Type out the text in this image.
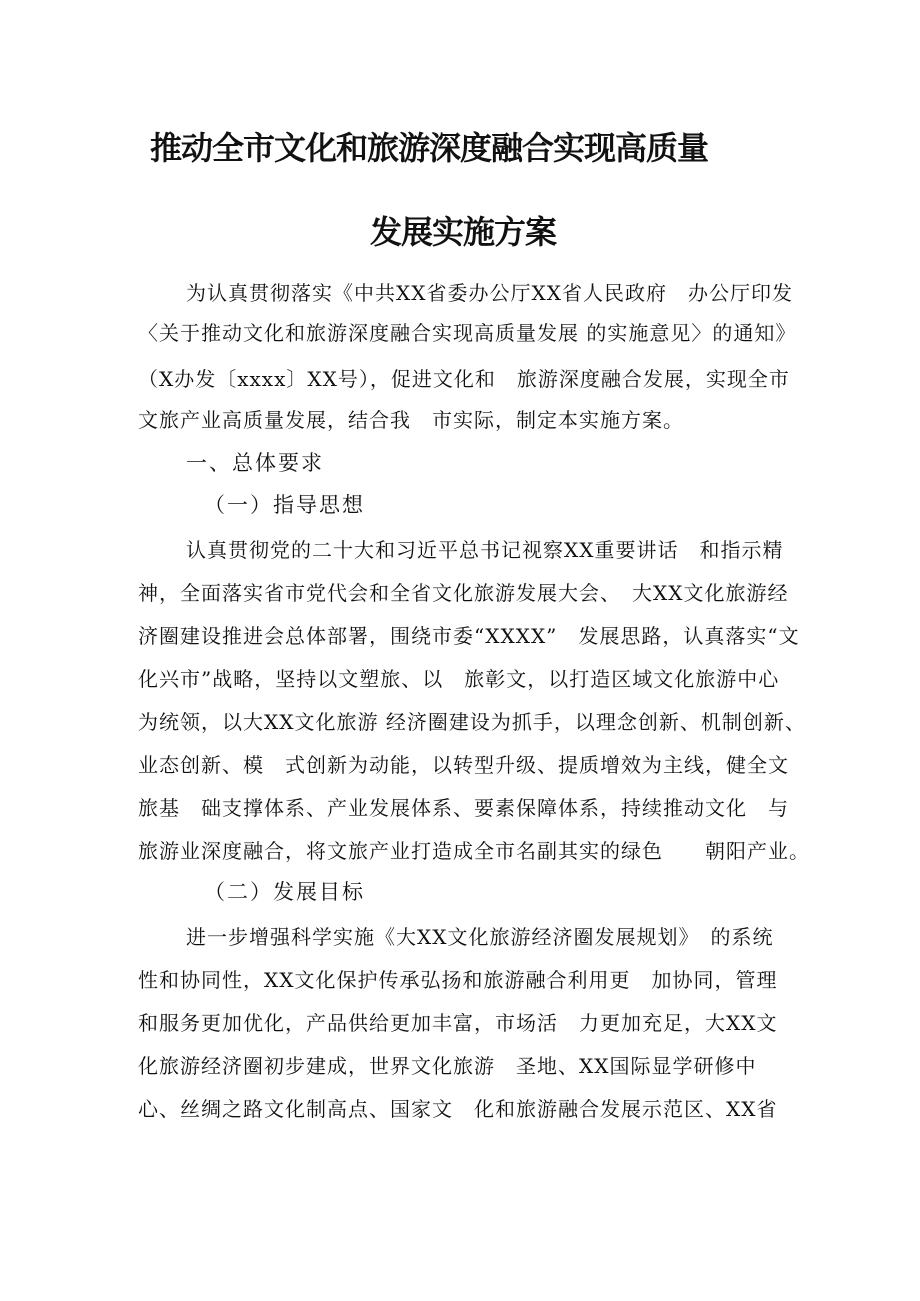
推动全市文化和旅游深度融合实现高质量
发展实施方案

为认真贯彻落实《中共XX省委办公厅XX省人民政府　办公厅印发

〈关于推动文化和旅游深度融合实现高质量发展 的实施意见〉的通知》

（X办发〔xxxx〕XX号），促进文化和　旅游深度融合发展，实现全市

文旅产业高质量发展，结合我　市实际，制定本实施方案。

一、总体要求

（一）指导思想

认真贯彻党的二十大和习近平总书记视察XX重要讲话　和指示精

神，全面落实省市党代会和全省文化旅游发展大会、　大XX文化旅游经

济圈建设推进会总体部署，围绕市委“XXXX”　发展思路，认真落实“文

化兴市”战略，坚持以文塑旅、以　旅彰文，以打造区域文化旅游中心

为统领，以大XX文化旅游 经济圈建设为抓手，以理念创新、机制创新、

业态创新、模　式创新为动能，以转型升级、提质增效为主线，健全文

旅基　础支撑体系、产业发展体系、要素保障体系，持续推动文化　与

旅游业深度融合，将文旅产业打造成全市名副其实的绿色　　朝阳产业。

（二）发展目标

进一步增强科学实施《大XX文化旅游经济圈发展规划》　的系统

性和协同性，XX文化保护传承弘扬和旅游融合利用更　加协同，管理

和服务更加优化，产品供给更加丰富，市场活　力更加充足，大XX文

化旅游经济圈初步建成，世界文化旅游　圣地、XX国际显学研修中

心、丝绸之路文化制高点、国家文　化和旅游融合发展示范区、XX省
